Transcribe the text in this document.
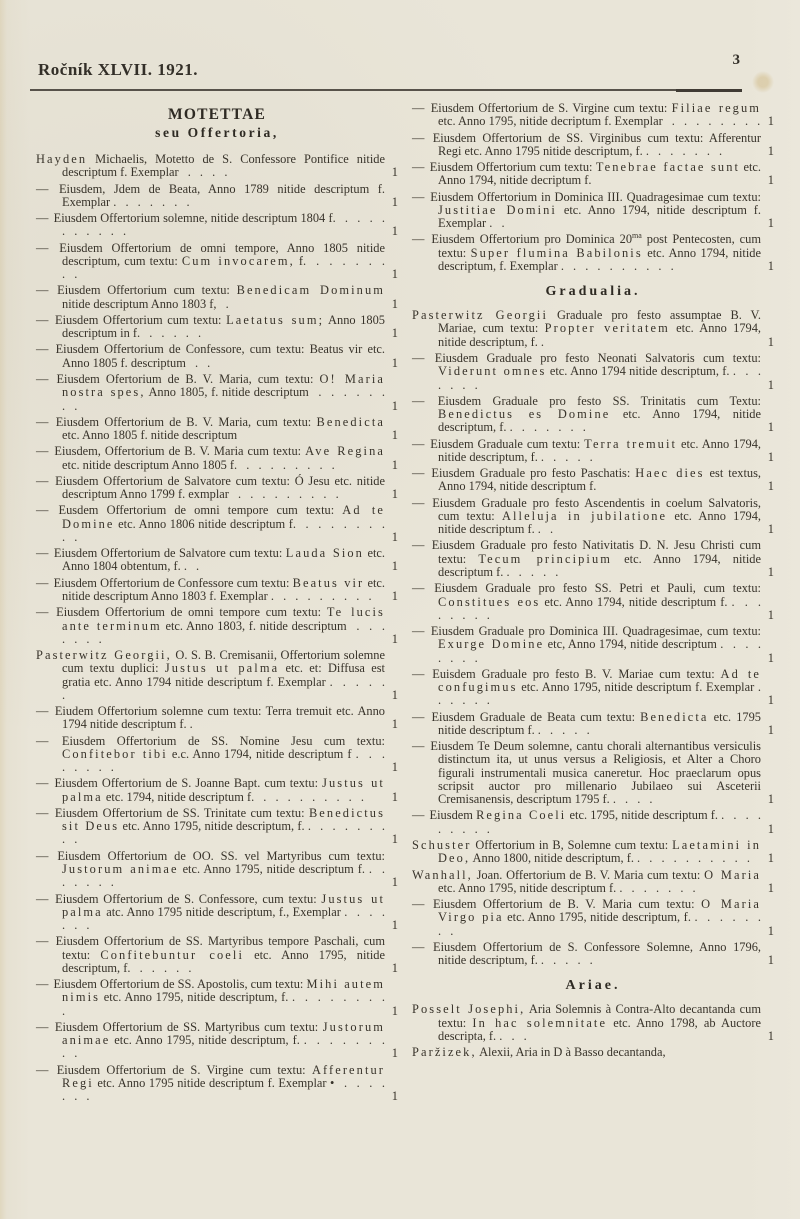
Ročník XLVII. 1921.	3
MOTETTAE
seu Offertoria,

Hayden Michaelis, Motetto de S. Confessore Pontifice nitide descriptum f. Exemplar . . . .	1

— Eiusdem, Jdem de Beata, Anno 1789 nitide descriptum f. Exemplar . . . . . . .	1

— Eiusdem Offertorium solemne, nitide descriptum 1804 f. . . . . . . . . . .	1

— Eiusdem Offertorium de omni tempore, Anno 1805 nitide descriptum, cum textu: Cum invocarem, f. . . . . . . . .	1

— Eiusdem Offertorium cum textu: Benedicam Dominum nitide descriptum Anno 1803 f, .	1

— Eiusdem Offertorium cum textu: Laetatus sum; Anno 1805 descriptum in f. . . . . .	1

— Eiusdem Offertorium de Confessore, cum textu: Beatus vir etc. Anno 1805 f. descriptum . .	1

— Eiusdem Ofertorium de B. V. Maria, cum textu: O! Maria nostra spes, Anno 1805, f. nitide descriptum . . . . . . . .	1

— Eiusdem Offertorium de B. V. Maria, cum textu: Benedicta etc. Anno 1805 f. nitide descriptum	1

— Eiusdem, Offertorium de B. V. Maria cum textu: Ave Regina etc. nitide descriptum Anno 1805 f. . . . . . . . .	1

— Eiusdem Offertorium de Salvatore cum textu: Ó Jesu etc. nitide descriptum Anno 1799 f. exmplar . . . . . . . . .	1

— Eusdem Offertorium de omni tempore cum textu: Ad te Domine etc. Anno 1806 nitide descriptum f. . . . . . . . . .	1

— Eiusdem Offertorium de Salvatore cum textu: Lauda Sion etc. Anno 1804 obtentum, f. . .	1

— Eiusdem Offertorium de Confessore cum textu: Beatus vir etc. nitide descriptum Anno 1803 f. Exemplar . . . . . . . . . 1

— Eiusdem Offertorium de omni tempore cum textu: Te lucis ante terminum etc. Anno 1803, f. nitide descriptum . . . . . . .	1

Pasterwitz Georgii, O. S. B. Cremisanii, Offertorium solemne cum textu duplici: Justus ut palma etc. et: Diffusa est gratia etc. Anno 1794 nitide descriptum f. Exemplar . . . . . .	1

— Eiudem Offertorium solemne cum textu: Terra tremuit etc. Anno 1794 nitide descriptum f. .	1

— Eiusdem Offertorium de SS. Nomine Jesu cum textu: Confitebor tibi e.c. Anno 1794, nitide descriptum f . . . . . . . .	1

— Eiusdem Offertorium de S. Joanne Bapt. cum textu: Justus ut palma etc. 1794, nitide descriptum f. . . . . . . . . . 1

— Eiusdem Offertorium de SS. Trinitate cum textu: Benedictus sit Deus etc. Anno 1795, nitide descriptum, f. . . . . . . . . .	1

— Eiusdem Offertorium de OO. SS. vel Martyribus cum textu: Justorum animae etc. Anno 1795, nitide descriptum f. . . . . . . .	1

— Eiusdem Offertorium de S. Confessore, cum textu: Justus ut palma atc. Anno 1795 nitide descriptum, f., Exemplar . . . . . . .	1

— Eiusdem Offertorium de SS. Martyribus tempore Paschali, cum textu: Confitebuntur coeli etc. Anno 1795, nitide descriptum, f. . . . . .	1

— Eiusdem Offertorium de SS. Apostolis, cum textu: Mihi autem nimis etc. Anno 1795, nitide descriptum, f. . . . . . . . . .	1

— Eiusdem Offertorium de SS. Martyribus cum textu: Justorum animae etc. Anno 1795, nitide descriptum, f. . . . . . . . . .	1

— Eiusdem Offertorium de S. Virgine cum textu: Afferentur Regi etc. Anno 1795 nitide descriptum f. Exemplar • . . . . . . .	1

— Eiusdem Offertorium de S. Virgine cum textu: Filiae regum etc. Anno 1795, nitide decriptum f. Exemplar . . . . . . . . 1

— Eiusdem Offertorium de SS. Virginibus cum textu: Afferentur Regi etc. Anno 1795 nitide descriptum, f. . . . . . . .	1

— Eiusdem Offertorium cum textu: Tenebrae factae sunt etc. Anno 1794, nitide decriptum f.	1

— Eiusdem Offertorium in Dominica III. Quadragesimae cum textu: Justitiae Domini etc. Anno 1794, nitide descriptum f. Exemplar . .	1

— Eiusdem Offertorium pro Dominica $20^{ma}$ post Pentecosten, cum textu: Super flumina Babilonis etc. Anno 1794, nitide descriptum, f. Exemplar . . . . . . . . . .	1

Gradualia.

Pasterwitz Georgii Graduale pro festo assumptae B. V. Mariae, cum textu: Propter veritatem etc. Anno 1794, nitide descriptum, f. .	1

— Eiusdem Graduale pro festo Neonati Salvatoris cum textu: Viderunt omnes etc. Anno 1794 nitide descriptum, f. . . . . . . .	1

— Eiusdem Graduale pro festo SS. Trinitatis cum Textu: Benedictus es Domine etc. Anno 1794, nitide descriptum, f. . . . . . . .	1

— Eiusdem Graduale cum textu: Terra tremuit etc. Anno 1794, nitide descriptum, f. . . . . .	1

— Eiusdem Graduale pro festo Paschatis: Haec dies est textus, Anno 1794, nitide descriptum f.	1

— Eiusdem Graduale pro festo Ascendentis in coelum Salvatoris, cum textu: Alleluja in jubilatione etc. Anno 1794, nitide descriptum f. . .	1

— Eiusdem Graduale pro festo Nativitatis D. N. Jesu Christi cum textu: Tecum principium etc. Anno 1794, nitide descriptum f. . . . . .	1

— Eiusdem Graduale pro festo SS. Petri et Pauli, cum textu: Constitues eos etc. Anno 1794, nitide descriptum f. . . . . . . . .	1

— Eiusdem Graduale pro Dominica III. Quadragesimae, cum textu: Exurge Domine etc, Anno 1794, nitide descriptum . . . . . . . .	1

— Euisdem Graduale pro festo B. V. Mariae cum textu: Ad te confugimus etc. Anno 1795, nitide descriptum f. Exemplar . . . . . .	1

— Eiusdem Graduale de Beata cum textu: Benedicta etc. 1795 nitide descriptum f. . . . . .	1

— Eiusdem Te Deum solemne, cantu chorali alternantibus versiculis distinctum ita, ut unus versus a Religiosis, et Alter a Choro figurali instrumentali musica caneretur. Hoc praeclarum opus scripsit auctor pro millenario Jubilaeo sui Asceterii Cremisanensis, descriptum 1795 f. . . . .	1

— Eiusdem Regina Coeli etc. 1795, nitide descriptum f. . . . . . . . . .	1

Schuster Offertorium in B, Solemne cum textu: Laetamini in Deo, Anno 1800, nitide descriptum, f. . . . . . . . . . . 1

Wanhall, Joan. Offertorium de B. V. Maria cum textu: O Maria etc. Anno 1795, nitide descriptum f. . . . . . . .	1

— Eiusdem Offertorium de B. V. Maria cum textu: O Maria Virgo pia etc. Anno 1795, nitide descriptum, f. . . . . . . . .	1

— Eiusdem Offertorium de S. Confessore Solemne, Anno 1796, nitide descriptum, f. . . . . .	1

Ariae.

Posselt Josephi, Aria Solemnis à Contra-Alto decantanda cum textu: In hac solemnitate etc. Anno 1798, ab Auctore descripta, f. . . .	1

Paržizek, Alexii, Aria in D à Basso decantanda,
